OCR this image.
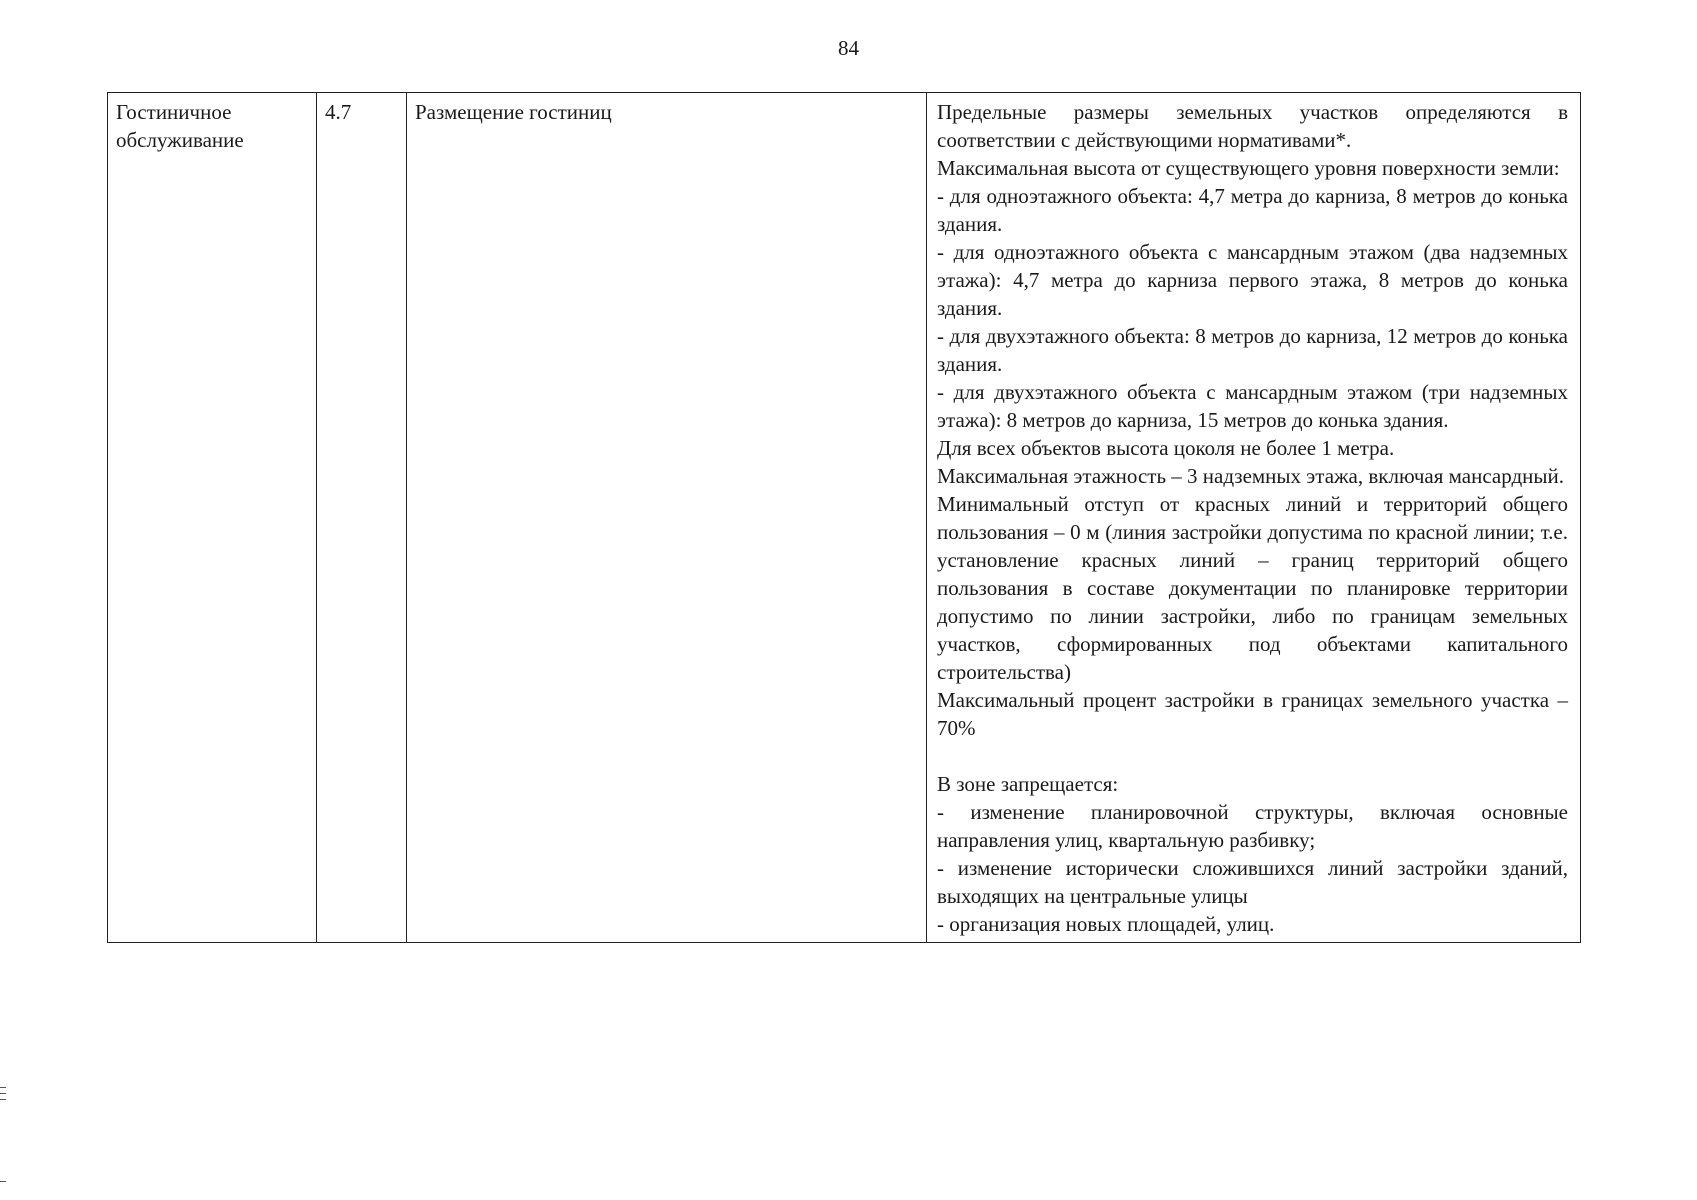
84
Гостиничное обслуживание	4.7	Размещение гостиниц	Предельные размеры земельных участков определяются в соответствии с действующими нормативами*.
Максимальная высота от существующего уровня поверхности земли:
- для одноэтажного объекта: 4,7 метра до карниза, 8 метров до конька здания.
- для одноэтажного объекта с мансардным этажом (два надземных этажа): 4,7 метра до карниза первого этажа, 8 метров до конька здания.
- для двухэтажного объекта: 8 метров до карниза, 12 метров до конька здания.
- для двухэтажного объекта с мансардным этажом (три надземных этажа): 8 метров до карниза, 15 метров до конька здания.
Для всех объектов высота цоколя не более 1 метра.
Максимальная этажность – 3 надземных этажа, включая мансардный.
Минимальный отступ от красных линий и территорий общего пользования – 0 м (линия застройки допустима по красной линии; т.е. установление красных линий – границ территорий общего пользования в составе документации по планировке территории допустимо по линии застройки, либо по границам земельных участков, сформированных под объектами капитального строительства)
Максимальный процент застройки в границах земельного участка – 70%
В зоне запрещается:
- изменение планировочной структуры, включая основные направления улиц, квартальную разбивку;
- изменение исторически сложившихся линий застройки зданий, выходящих на центральные улицы
- организация новых площадей, улиц.
